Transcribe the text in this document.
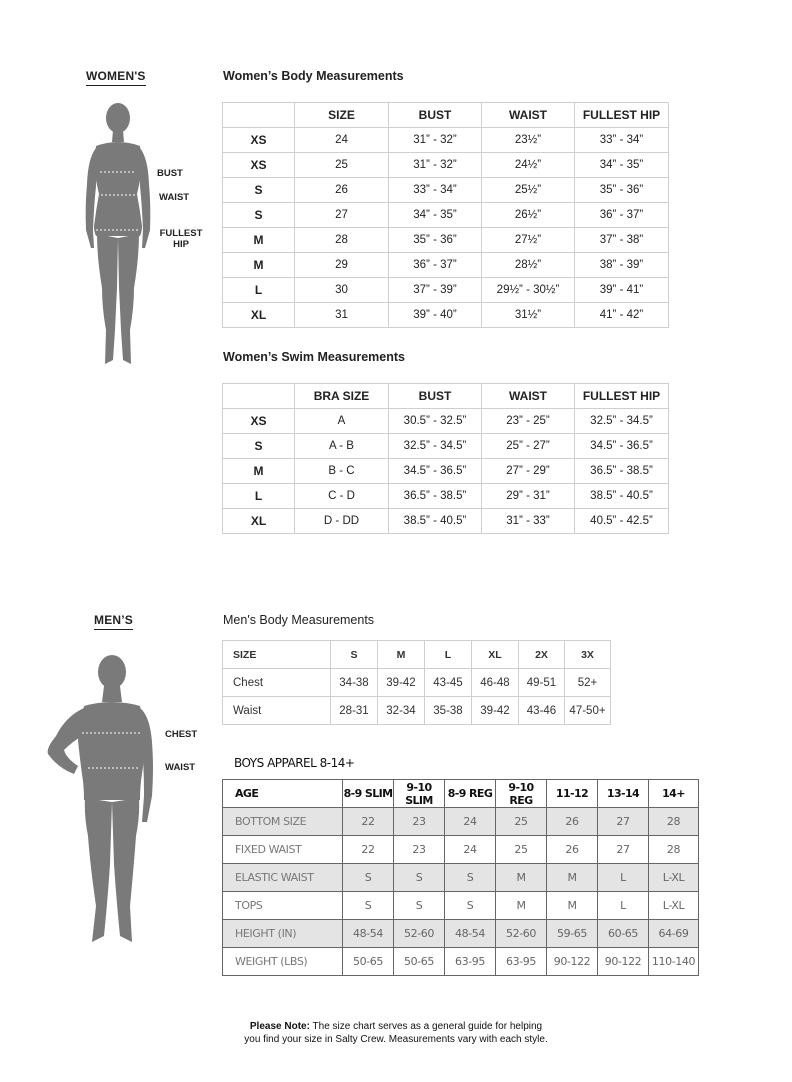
WOMEN'S
BUST
WAIST
FULLEST
HIP
Women’s Body Measurements
	SIZE	BUST	WAIST	FULLEST HIP
XS	24	31” - 32”	23½”	33” - 34”
XS	25	31” - 32”	24½”	34” - 35”
S	26	33” - 34”	25½”	35” - 36”
S	27	34” - 35”	26½”	36” - 37”
M	28	35” - 36”	27½”	37” - 38”
M	29	36” - 37”	28½”	38” - 39”
L	30	37” - 39”	29½” - 30½”	39” - 41”
XL	31	39” - 40”	31½”	41” - 42”
Women’s Swim Measurements
	BRA SIZE	BUST	WAIST	FULLEST HIP
XS	A	30.5” - 32.5”	23” - 25”	32.5” - 34.5”
S	A - B	32.5” - 34.5”	25” - 27”	34.5” - 36.5”
M	B - C	34.5” - 36.5”	27” - 29”	36.5” - 38.5”
L	C - D	36.5” - 38.5”	29” - 31”	38.5” - 40.5”
XL	D - DD	38.5” - 40.5”	31” - 33”	40.5” - 42.5”
MEN’S
CHEST
WAIST
Men's Body Measurements
SIZE	S	M	L	XL	2X	3X
Chest	34-38	39-42	43-45	46-48	49-51	52+
Waist	28-31	32-34	35-38	39-42	43-46	47-50+
BOYS APPAREL 8-14+
AGE	8-9 SLIM	9-10 SLIM	8-9 REG	9-10 REG	11-12	13-14	14+
BOTTOM SIZE	22	23	24	25	26	27	28
FIXED WAIST	22	23	24	25	26	27	28
ELASTIC WAIST	S	S	S	M	M	L	L-XL
TOPS	S	S	S	M	M	L	L-XL
HEIGHT (IN)	48-54	52-60	48-54	52-60	59-65	60-65	64-69
WEIGHT (LBS)	50-65	50-65	63-95	63-95	90-122	90-122	110-140
Please Note: The size chart serves as a general guide for helping
you find your size in Salty Crew. Measurements vary with each style.
